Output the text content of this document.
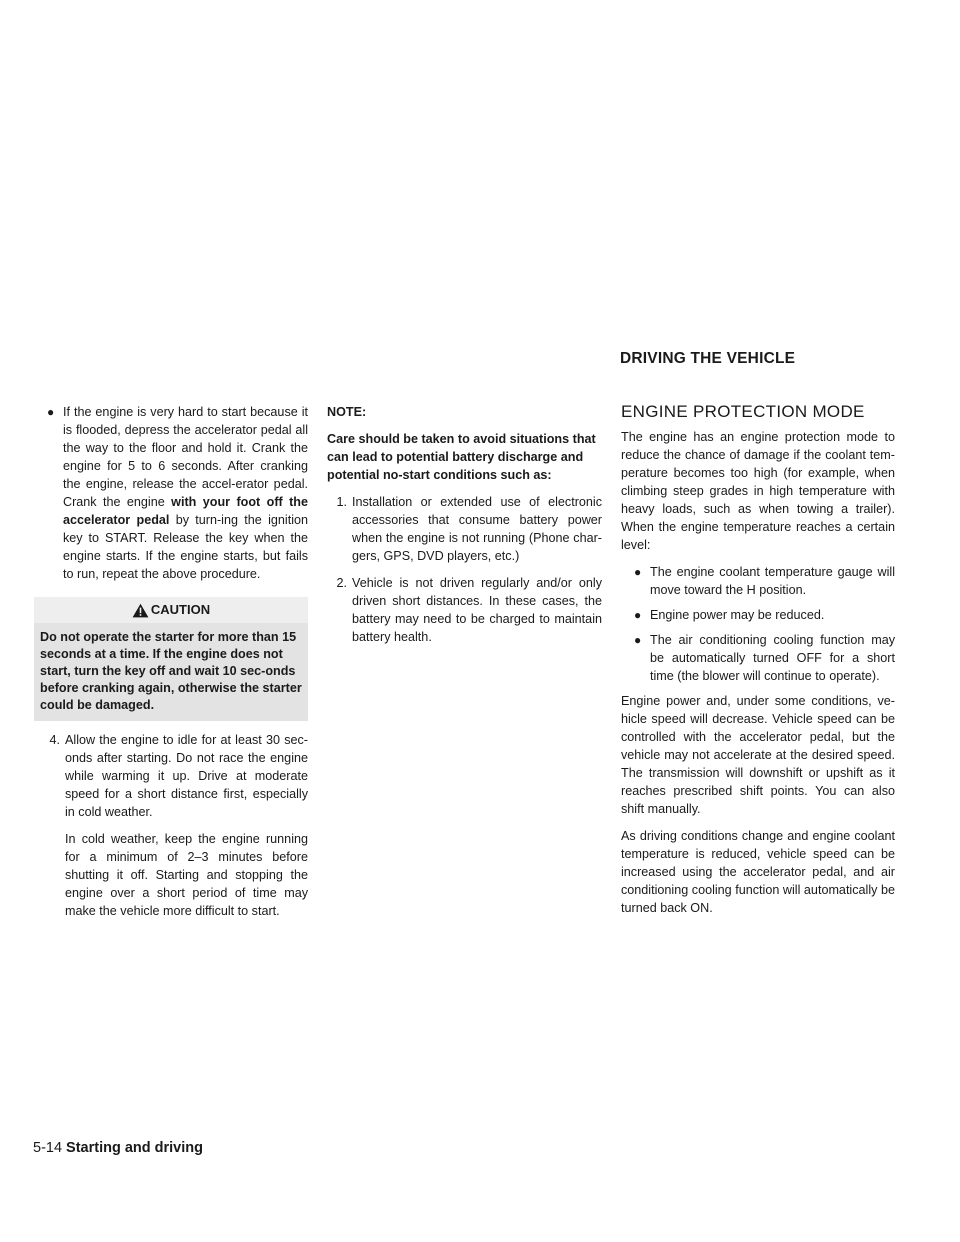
DRIVING THE VEHICLE
● If the engine is very hard to start because it is flooded, depress the accelerator pedal all the way to the floor and hold it. Crank the engine for 5 to 6 seconds. After cranking the engine, release the accel-erator pedal. Crank the engine with your foot off the accelerator pedal by turn-ing the ignition key to START. Release the key when the engine starts. If the engine starts, but fails to run, repeat the above procedure.
CAUTION
Do not operate the starter for more than 15 seconds at a time. If the engine does not start, turn the key off and wait 10 sec-onds before cranking again, otherwise the starter could be damaged.
4. Allow the engine to idle for at least 30 sec-onds after starting. Do not race the engine while warming it up. Drive at moderate speed for a short distance first, especially in cold weather.

In cold weather, keep the engine running for a minimum of 2–3 minutes before shutting it off. Starting and stopping the engine over a short period of time may make the vehicle more difficult to start.

NOTE:

Care should be taken to avoid situations that can lead to potential battery discharge and potential no-start conditions such as:

1. Installation or extended use of electronic accessories that consume battery power when the engine is not running (Phone char-gers, GPS, DVD players, etc.)
2. Vehicle is not driven regularly and/or only driven short distances. In these cases, the battery may need to be charged to maintain battery health.
ENGINE PROTECTION MODE

The engine has an engine protection mode to reduce the chance of damage if the coolant tem-perature becomes too high (for example, when climbing steep grades in high temperature with heavy loads, such as when towing a trailer). When the engine temperature reaches a certain level:

● The engine coolant temperature gauge will move toward the H position.
● Engine power may be reduced.
● The air conditioning cooling function may be automatically turned OFF for a short time (the blower will continue to operate).

Engine power and, under some conditions, ve-hicle speed will decrease. Vehicle speed can be controlled with the accelerator pedal, but the vehicle may not accelerate at the desired speed. The transmission will downshift or upshift as it reaches prescribed shift points. You can also shift manually.

As driving conditions change and engine coolant temperature is reduced, vehicle speed can be increased using the accelerator pedal, and air conditioning cooling function will automatically be turned back ON.

5-14 Starting and driving
